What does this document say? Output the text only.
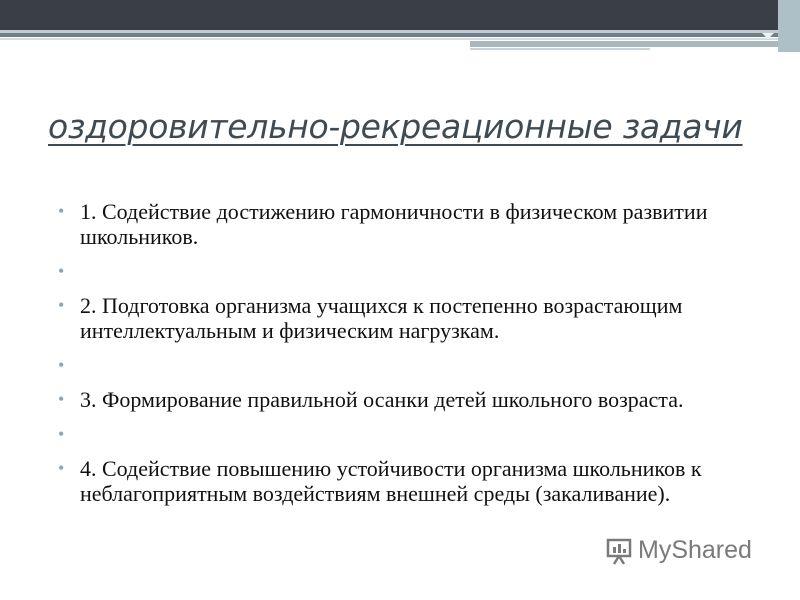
оздоровительно-рекреационные задачи
• 1. Содействие достижению гармоничности в физическом развитии школьников.
•
• 2. Подготовка организма учащихся к постепенно возрастающим интеллектуальным и физическим нагрузкам.
•
• 3. Формирование правильной осанки детей школьного возраста.
•
• 4. Содействие повышению устойчивости организма школьников к неблагоприятным воздействиям внешней среды (закаливание).
MyShared
